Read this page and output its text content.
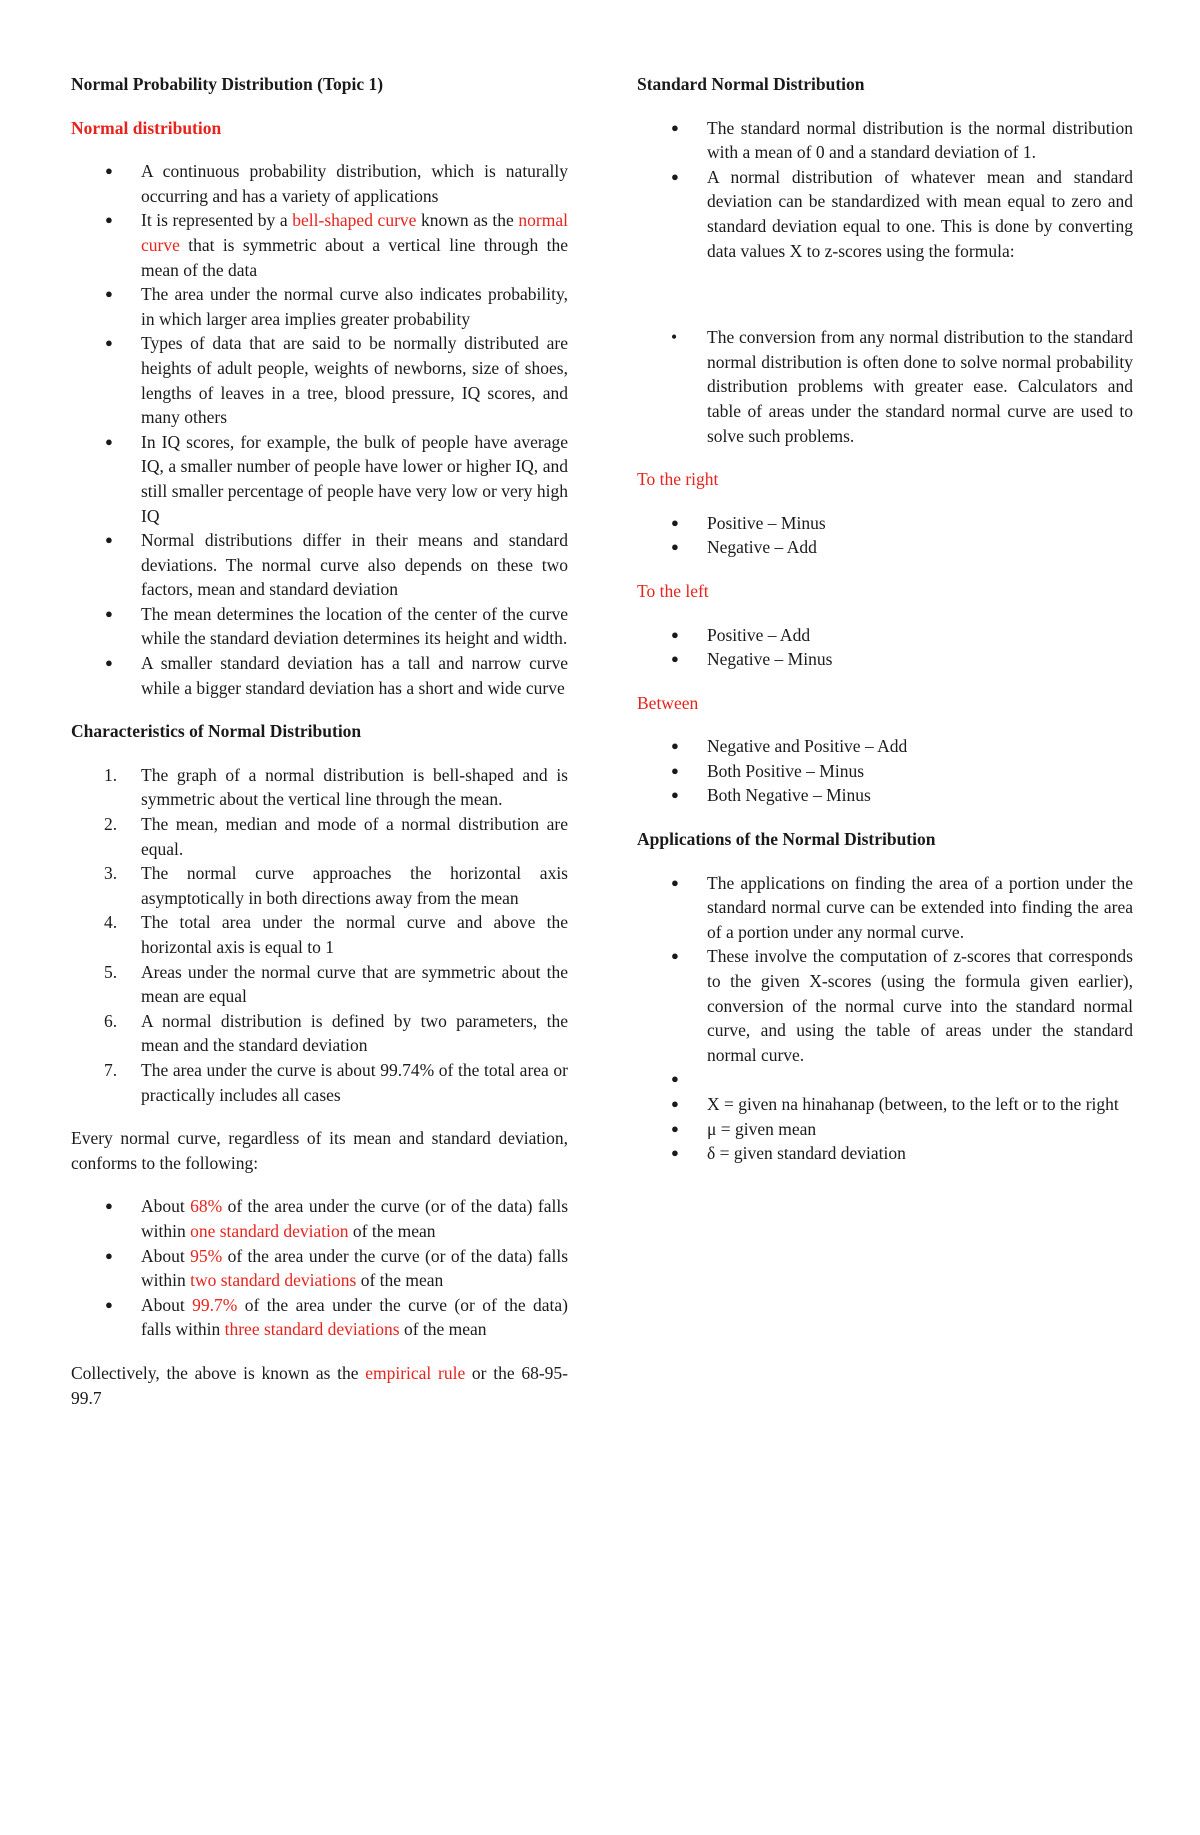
Normal Probability Distribution (Topic 1)
Normal distribution
●	A continuous probability distribution, which is naturally occurring and has a variety of applications
●	It is represented by a bell-shaped curve known as the normal curve that is symmetric about a vertical line through the mean of the data
●	The area under the normal curve also indicates probability, in which larger area implies greater probability
●	Types of data that are said to be normally distributed are heights of adult people, weights of newborns, size of shoes, lengths of leaves in a tree, blood pressure, IQ scores, and many others
●	In IQ scores, for example, the bulk of people have average IQ, a smaller number of people have lower or higher IQ, and still smaller percentage of people have very low or very high IQ
●	Normal distributions differ in their means and standard deviations. The normal curve also depends on these two factors, mean and standard deviation
●	The mean determines the location of the center of the curve while the standard deviation determines its height and width.
●	A smaller standard deviation has a tall and narrow curve while a bigger standard deviation has a short and wide curve
Characteristics of Normal Distribution
1.	The graph of a normal distribution is bell-shaped and is symmetric about the vertical line through the mean.
2.	The mean, median and mode of a normal distribution are equal.
3.	The normal curve approaches the horizontal axis asymptotically in both directions away from the mean
4.	The total area under the normal curve and above the horizontal axis is equal to 1
5.	Areas under the normal curve that are symmetric about the mean are equal
6.	A normal distribution is defined by two parameters, the mean and the standard deviation
7.	The area under the curve is about 99.74% of the total area or practically includes all cases
Every normal curve, regardless of its mean and standard deviation, conforms to the following:
●	About 68% of the area under the curve (or of the data) falls within one standard deviation of the mean
●	About 95% of the area under the curve (or of the data) falls within two standard deviations of the mean
●	About 99.7% of the area under the curve (or of the data) falls within three standard deviations of the mean
Collectively, the above is known as the empirical rule or the 68-95-99.7
Standard Normal Distribution
●	The standard normal distribution is the normal distribution with a mean of 0 and a standard deviation of 1.
●	A normal distribution of whatever mean and standard deviation can be standardized with mean equal to zero and standard deviation equal to one. This is done by converting data values X to z-scores using the formula:
•	The conversion from any normal distribution to the standard normal distribution is often done to solve normal probability distribution problems with greater ease. Calculators and table of areas under the standard normal curve are used to solve such problems.
To the right
●	Positive – Minus
●	Negative – Add
To the left
●	Positive – Add
●	Negative – Minus
Between
●	Negative and Positive – Add
●	Both Positive – Minus
●	Both Negative – Minus
Applications of the Normal Distribution
●	The applications on finding the area of a portion under the standard normal curve can be extended into finding the area of a portion under any normal curve.
●	These involve the computation of z-scores that corresponds to the given X-scores (using the formula given earlier), conversion of the normal curve into the standard normal curve, and using the table of areas under the standard normal curve.
●
●	X = given na hinahanap (between, to the left or to the right
●	μ = given mean
●	δ = given standard deviation
